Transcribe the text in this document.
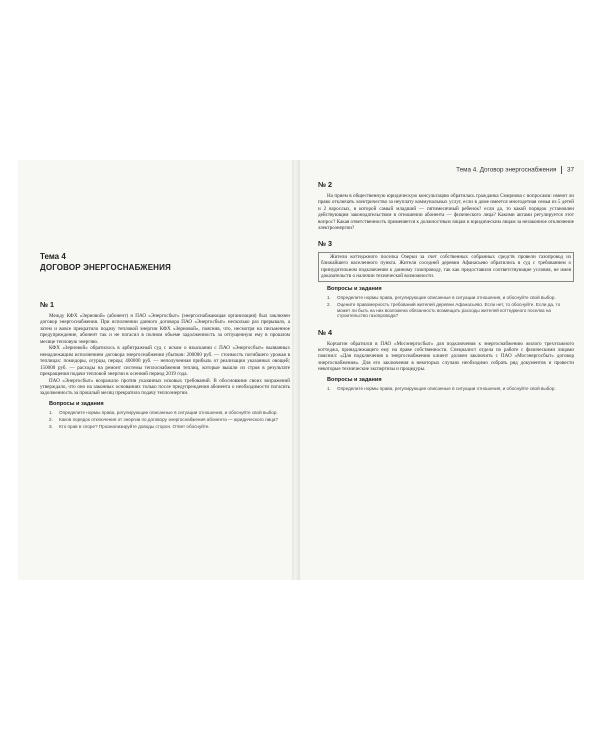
Тема 4
ДОГОВОР ЭНЕРГОСНАБЖЕНИЯ
№ 1

Между КФХ «Зерновой» (абонент) и ПАО «Энергосбыт» (энергоснабжающая организация) был заключен договор энергоснабжения. При исполнении данного договора ПАО «Энергосбыт» несколько раз прерывало, а затем и вовсе прекратило подачу тепловой энергии КФХ «Зерновой», пояснив, что, несмотря на письменное предупреждение, абонент так и не погасил в полном объеме задолженность за отпущенную ему в прошлом месяце тепловую энергию.

КФХ «Зерновой» обратилось в арбитражный суд с иском о взыскании с ПАО «Энергосбыт» вызванных ненадлежащим исполнением договора энергоснабжения убытков: 200000 руб. — стоимость погибшего урожая в теплицах: помидоры, огурцы, перцы; 400000 руб. — неполученная прибыль от реализации указанных овощей; 150000 руб. — расходы на ремонт системы теплоснабжения теплиц, которые вышли из строя в результате прекращения подачи тепловой энергии в осенний период 2019 года.

ПАО «Энергосбыт» возражало против указанных исковых требований. В обоснование своих возражений утверждало, что оно на законных основаниях только после предупреждения абонента о необходимости погасить задолженность за прошлый месяц прекратило подачу теплоэнергии.

Вопросы и задания
1. Определите нормы права, регулирующие описанные в ситуации отношения, и обоснуйте свой выбор.
2. Каков порядок отключения от энергии по договору энергоснабжения абонента — юридического лица?
3. Кто прав в споре? Проанализируйте доводы сторон. Ответ обоснуйте.
Тема 4. Договор энергоснабжения 37
№ 2

На прием в общественную юридическую консультацию обратилась гражданка Смирнова с вопросами: имеют ли право отключать электричество за неуплату коммунальных услуг, если в доме имеется многодетная семья из 5 детей и 2 взрослых, в которой самый младший — пятимесячный ребенок? если да, то какой порядок установлен действующим законодательством в отношении абонента — физического лица? Какими актами регулируется этот вопрос? Какая ответственность применяется к должностным лицам и юридическим лицам за незаконное отключение электроэнергии?

№ 3

Жители коттеджного поселка Озерки за счет собственных собранных средств провели газопровод из ближайшего населенного пункта. Жители соседней деревни Афанасьево обратились в суд с требованием о принудительном подключении к данному газопроводу, так как предоставили соответствующие условия, не имея доказательств о наличии технической возможности.

Вопросы и задания
1. Определите нормы права, регулирующие описанные в ситуации отношения, и обоснуйте свой выбор.
2. Оцените правомерность требований жителей деревни Афанасьево. Если нет, то обоснуйте. Если да, то может ли быть на них возложена обязанность возмещать расходы жителей коттеджного поселка на строительство газопровода?
№ 4

Корчагин обратился в ПАО «Мосэнергосбыт» для подключения к энергоснабжению жилого трехэтажного коттеджа, принадлежащего ему на праве собственности. Специалист отдела по работе с физическими лицами пояснил: «Для подключения к энергоснабжению клиент должен заключить с ПАО «Мосэнергосбыт» договор энергоснабжения». Для его заключения в некоторых случаях необходимо собрать ряд документов и провести некоторые технические экспертизы и процедуры.

Вопросы и задания
1. Определите нормы права, регулирующие описанные в ситуации отношения, и обоснуйте свой выбор.
